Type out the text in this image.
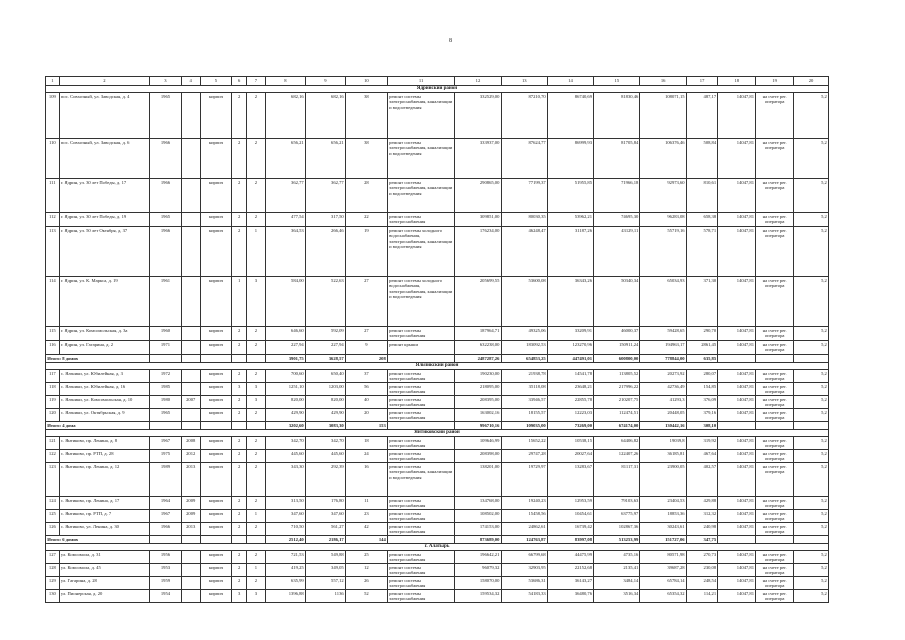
8
1	2	3	4	5	6	7	8	9	10	11	12	13	14	15	16	17	18	19	20
Ядринский район																			
109	пос. Совхозный, ул. Заводская, д. 4	1965		кирпич	2	2	682,16	682,16	38	ремонт системы электроснабжения, канализации и водоотведения	332529,00	87210,70	86740,69	81830,46	108071,15	487,17	14047,81	на счете рег. оператора	5,2
110	пос. Совхозный, ул. Заводская, д. 6	1966		кирпич	2	2	656,21	656,21	38	ремонт системы электроснабжения, канализации и водоотведения	333937,00	87624,77	86999,93	81705,84	106376,46	508,84	14047,81	на счете рег. оператора	5,2
111	г. Ядрин, ул. 30 лет Победы, д. 17	1966		кирпич	2	2	362,77	362,77	28	ремонт системы электроснабжения, канализации и водоотведения	290865,00	77199,37	51955,85	71966,18	92973,60	810,61	14047,81	на счете рег. оператора	5,2
112	г. Ядрин, ул. 30 лет Победы, д. 19	1965		кирпич	2	2	477,54	317,50	22	ремонт системы электроснабжения	309851,00	80030,35	53962,21	74695,30	96283,08	658,38	14047,81	на счете рег. оператора	5,2
113	г. Ядрин, ул. 50 лет Октября, д. 37	1966		кирпич	2	1	364,53	266,46	19	ремонт системы холодного водоснабжения, электроснабжения, канализации и водоотведения	176234,00	46248,47	31187,26	43129,11	55719,16	578,71	14047,81	на счете рег. оператора	5,2
114	г. Ядрин, ул. К. Маркса, д. 19	1961		кирпич	1	3	584,00	522,63	27	ремонт системы холодного водоснабжения, электроснабжения, канализации и водоотведения	205699,55	53600,08	36343,26	50340,34	65034,93	371,30	14047,81	на счете рег. оператора	5,2
115	г. Ядрин, ул. Комсомольская, д. 3а	1960		кирпич	2	2	646,60	592,09	27	ремонт системы электроснабжения	187964,71	49325,06	33209,91	46000,37	59428,65	290,70	14047,81	на счете рег. оператора	5,2
116	г. Ядрин, ул. Гагарина, д. 2	1971		кирпич	2	2	227,94	227,94	9	ремонт крыши	632238,00	183092,53	123270,96	150911,24	194963,17	2861,45	14047,81	на счете рег. оператора	5,2
Итого: 8 домов							3901,75	3628,57	208		2487287,26	654853,25	447491,01	600800,00	778844,00	635,85			
Яльчикский район																			
117	с. Яльчики, ул. Юбилейная, д. 3	1972		кирпич	2	2	700,60	650,40	37	ремонт системы электроснабжения	190230,00	21938,78	14541,78	113805,52	20273,92	280,07	14047,81	на счете рег. оператора	5,2
118	с. Яльчики, ул. Юбилейная, д. 16	1985		кирпич	3	3	1251,10	1203,00	56	ремонт системы электроснабжения	218095,00	35118,08	23648,21	217996,22	42736,49	154,85	14047,81	на счете рег. оператора	5,2
119	с. Яльчики, ул. Комсомольская, д. 10	1980	2007	кирпич	2	3	820,00	820,00	40	ремонт системы электроснабжения	208395,00	33946,57	22855,78	210207,75	41293,3	376,09	14047,81	на счете рег. оператора	5,2
120	с. Яльчики, ул. Октябрьская, д. 9	1965		кирпич	2	2	429,90	429,90	20	ремонт системы электроснабжения	163002,16	18155,57	12223,03	112474,51	20448,05	379,16	14047,81	на счете рег. оператора	5,2
Итого: 4 дома							3202,60	3083,30	153		996710,16	109035,00	73269,00	674174,00	130442,16	308,10			
Янтиковский район																			
121	с. Янтиково, пр. Ленина, д. 8	1967	2008	кирпич	2	2	342,70	342,70	18	ремонт системы электроснабжения	109646,99	15652,22	10538,15	64406,82	19039,8	319,92	14047,81	на счете рег. оператора	5,2
122	с. Янтиково, пр. РТП, д. 28	1975	2012	кирпич	2	2	445,60	445,60	24	ремонт системы электроснабжения	208398,00	29747,28	20027,64	122407,26	36185,81	467,64	14047,81	на счете рег. оператора	5,2
123	с. Янтиково, пр. Ленина, д. 12	1989	2013	кирпич	2	2	343,30	292,39	16	ремонт системы электроснабжения, канализации и водоотведения	138201,00	19729,97	13283,67	81117,31	23900,05	402,57	14047,81	на счете рег. оператора	5,2
124	с. Янтиково, пр. Ленина, д. 17	1964	2009	кирпич	2	2	313,50	176,80	11	ремонт системы электроснабжения	134768,00	19240,23	12953,59	79103,63	23404,53	429,88	14047,81	на счете рег. оператора	5,2
125	с. Янтиково, пр. РТП, д. 7	1967	2009	кирпич	2	1	347,60	347,60	23	ремонт системы электроснабжения	108502,00	15458,56	10454,61	63775,97	18853,36	312,32	14047,81	на счете рег. оператора	5,2
126	с. Янтиково, ул. Ленина, д. 30	1966	2013	кирпич	2	2	710,50	561,27	42	ремонт системы электроснабжения	174153,00	24862,61	16739,42	102867,36	30243,61	240,98	14047,81	на счете рег. оператора	5,2
Итого: 6 домов							2512,40	2186,17	144		873689,00	124763,87	83997,08	513253,99	151727,06	347,75			
г. Алатырь																			
127	ул. Комсомола, д. 31	1956		кирпич	2	2	721,53	549,88	25	ремонт системы электроснабжения	196642,21	66799,68	44475,99	4735,16	80571,98	270,73	14047,81	на счете рег. оператора	5,2
128	ул. Комсомола, д. 45	1953		кирпич	2	1	419,25	349,05	12	ремонт системы электроснабжения	96079,32	32903,95	22152,68	2135,41	39687,28	230,08	14047,81	на счете рег. оператора	5,2
129	ул. Гагарина, д. 28	1959		кирпич	2	2	635,99	557,12	26	ремонт системы электроснабжения	158070,00	53686,31	36143,27	3484,14	65784,14	248,54	14047,81	на счете рег. оператора	5,2
130	ул. Пионерская, д. 20	1954		кирпич	3	3	1396,88	1136	52	ремонт системы электроснабжения	159534,32	54183,33	36480,76	3516,34	65354,32	114,21	14047,81	на счете рег. оператора	5,2
